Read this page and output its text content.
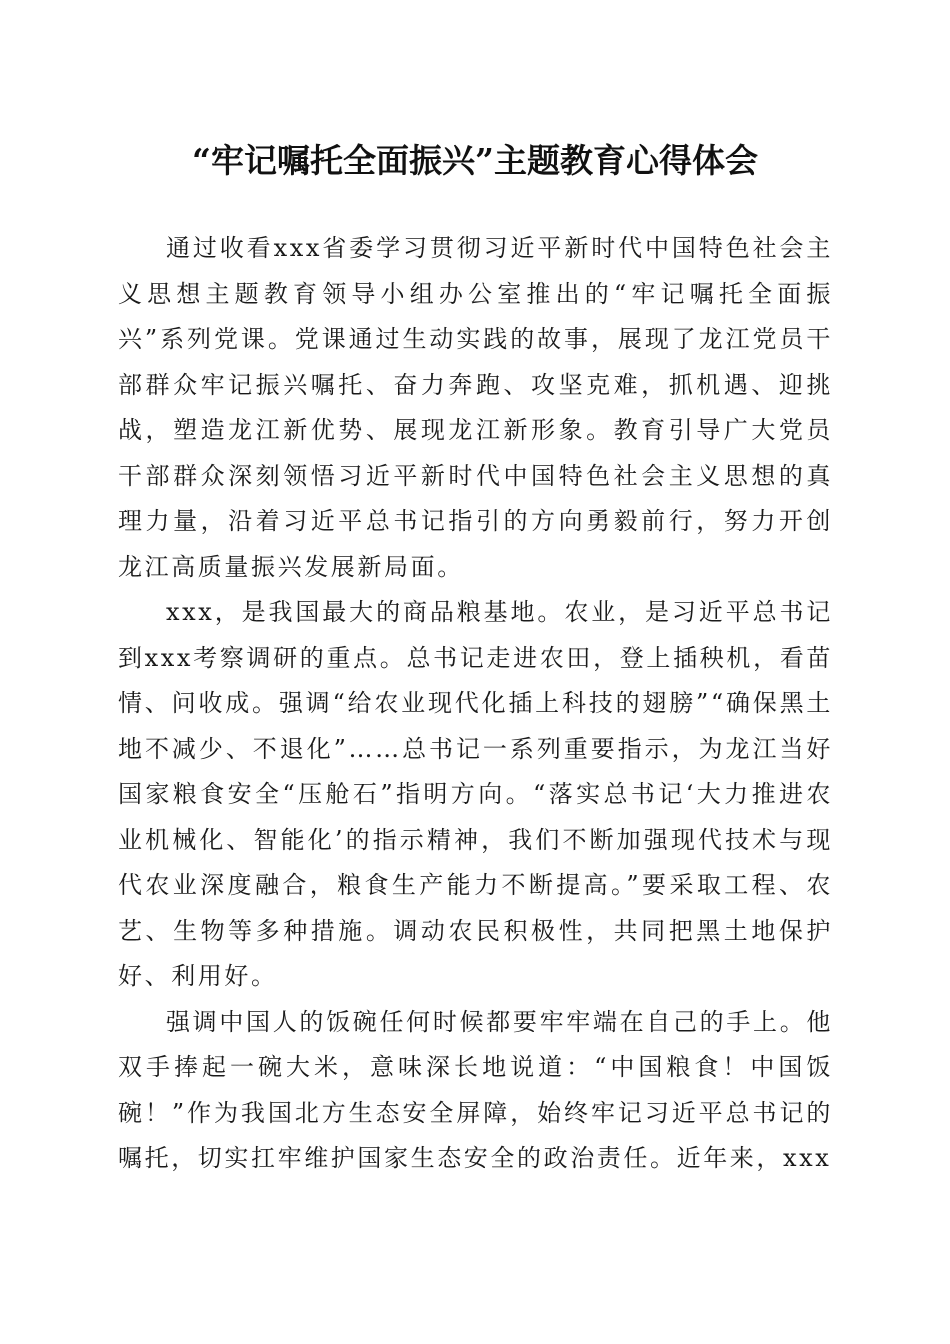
“牢记嘱托全面振兴”主题教育心得体会

通过收看xxx省委学习贯彻习近平新时代中国特色社会主义思想主题教育领导小组办公室推出的“牢记嘱托全面振兴”系列党课。党课通过生动实践的故事，展现了龙江党员干部群众牢记振兴嘱托、奋力奔跑、攻坚克难，抓机遇、迎挑战，塑造龙江新优势、展现龙江新形象。教育引导广大党员干部群众深刻领悟习近平新时代中国特色社会主义思想的真理力量，沿着习近平总书记指引的方向勇毅前行，努力开创龙江高质量振兴发展新局面。

xxx，是我国最大的商品粮基地。农业，是习近平总书记到xxx考察调研的重点。总书记走进农田，登上插秧机，看苗情、问收成。强调“给农业现代化插上科技的翅膀”“确保黑土地不减少、不退化”……总书记一系列重要指示，为龙江当好国家粮食安全“压舱石”指明方向。“落实总书记‘大力推进农业机械化、智能化’的指示精神，我们不断加强现代技术与现代农业深度融合，粮食生产能力不断提高。”要采取工程、农艺、生物等多种措施。调动农民积极性，共同把黑土地保护好、利用好。

强调中国人的饭碗任何时候都要牢牢端在自己的手上。他双手捧起一碗大米，意味深长地说道：“中国粮食！中国饭碗！”作为我国北方生态安全屏障，始终牢记习近平总书记的嘱托，切实扛牢维护国家生态安全的政治责任。近年来，xxx
